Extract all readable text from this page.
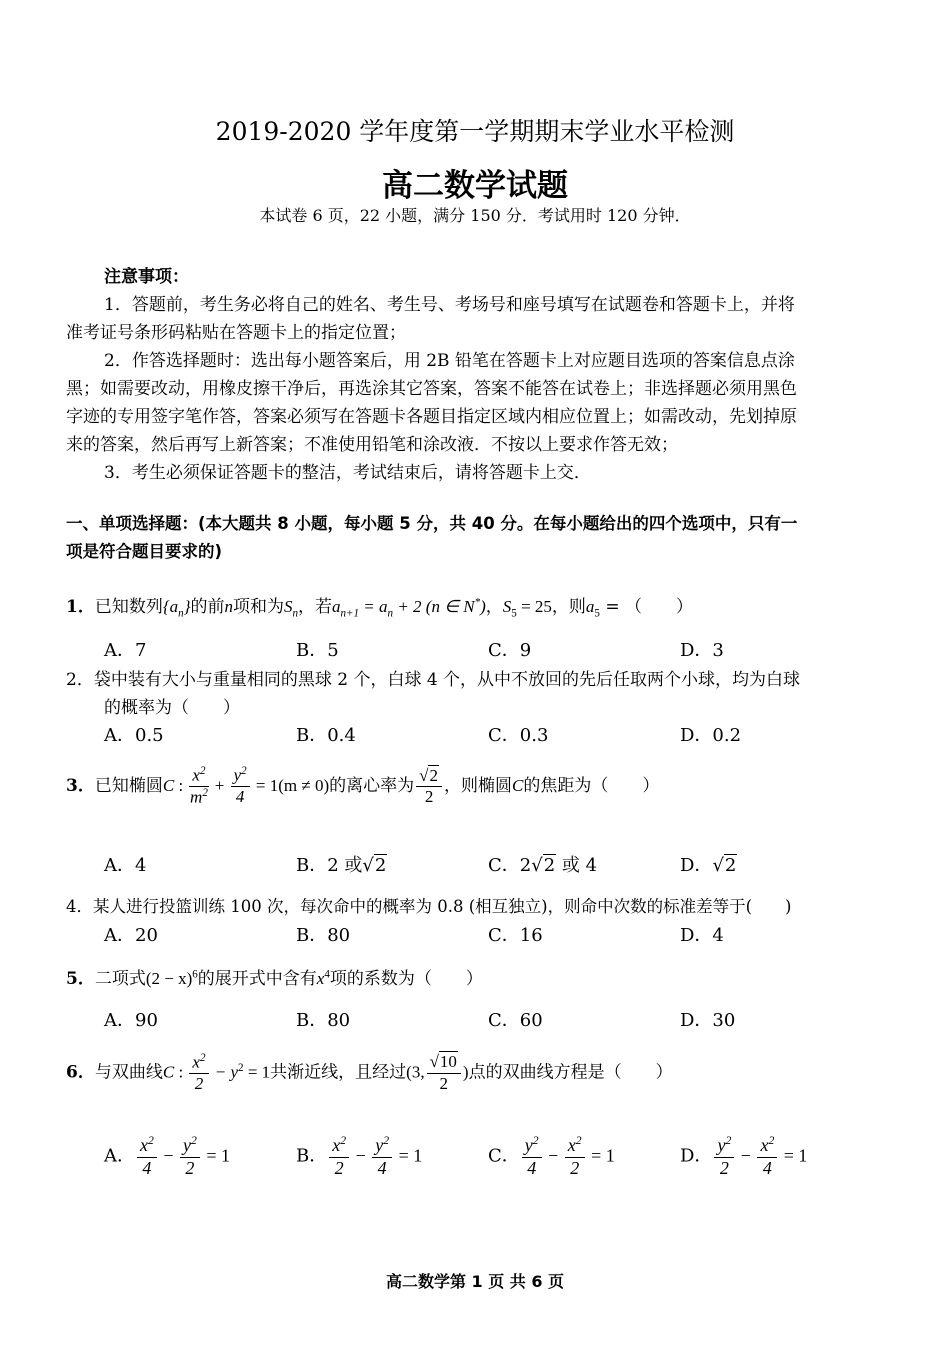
2019-2020 学年度第一学期期末学业水平检测
高二数学试题
本试卷 6 页，22 小题，满分 150 分．考试用时 120 分钟．
注意事项：
1．答题前，考生务必将自己的姓名、考生号、考场号和座号填写在试题卷和答题卡上，并将
准考证号条形码粘贴在答题卡上的指定位置；
2．作答选择题时：选出每小题答案后，用 2B 铅笔在答题卡上对应题目选项的答案信息点涂
黑；如需要改动，用橡皮擦干净后，再选涂其它答案，答案不能答在试卷上；非选择题必须用黑色
字迹的专用签字笔作答，答案必须写在答题卡各题目指定区域内相应位置上；如需改动，先划掉原
来的答案，然后再写上新答案；不准使用铅笔和涂改液．不按以上要求作答无效；
3．考生必须保证答题卡的整洁，考试结束后，请将答题卡上交．
一、单项选择题：(本大题共 8 小题，每小题 5 分，共 40 分。在每小题给出的四个选项中，只有一
项是符合题目要求的)
1．已知数列$\{a_n\}$的前n项和为$S_n$，若$a_{n+1} = a_n + 2$ (n ∈ N*)，$S_5 = 25$，则$a_5$ = （　　）
A．7	B．5	C．9	D．3
2．袋中装有大小与重量相同的黑球 2 个，白球 4 个，从中不放回的先后任取两个小球，均为白球
的概率为（　　）
A．0.5	B．0.4	C．0.3	D．0.2
3．已知椭圆C : $\frac{x^2}{m^2} + \frac{y^2}{4} = 1(m \ne 0)$的离心率为 $\frac{√2}{2}$ ，则椭圆C的焦距为（　　）
A．4	B．2 或√2	C．2√2 或 4	D．√2
4．某人进行投篮训练 100 次，每次命中的概率为 0.8 (相互独立)，则命中次数的标准差等于(　　)
A．20	B．80	C．16	D．4
5．二项式$(2 - x)^6$的展开式中含有$x^4$项的系数为（　　）
A．90	B．80	C．60	D．30
6．与双曲线C : $\frac{x^2}{2} - y^2 = 1$共渐近线，且经过(3, $\frac{√10}{2}$ )点的双曲线方程是（　　）
A． $\frac{x^2}{4} - \frac{y^2}{2} = 1$	B． $\frac{x^2}{2} - \frac{y^2}{4} = 1$	C． $\frac{y^2}{4} - \frac{x^2}{2} = 1$	D． $\frac{y^2}{2} - \frac{x^2}{4} = 1$
高二数学第 1 页 共 6 页
